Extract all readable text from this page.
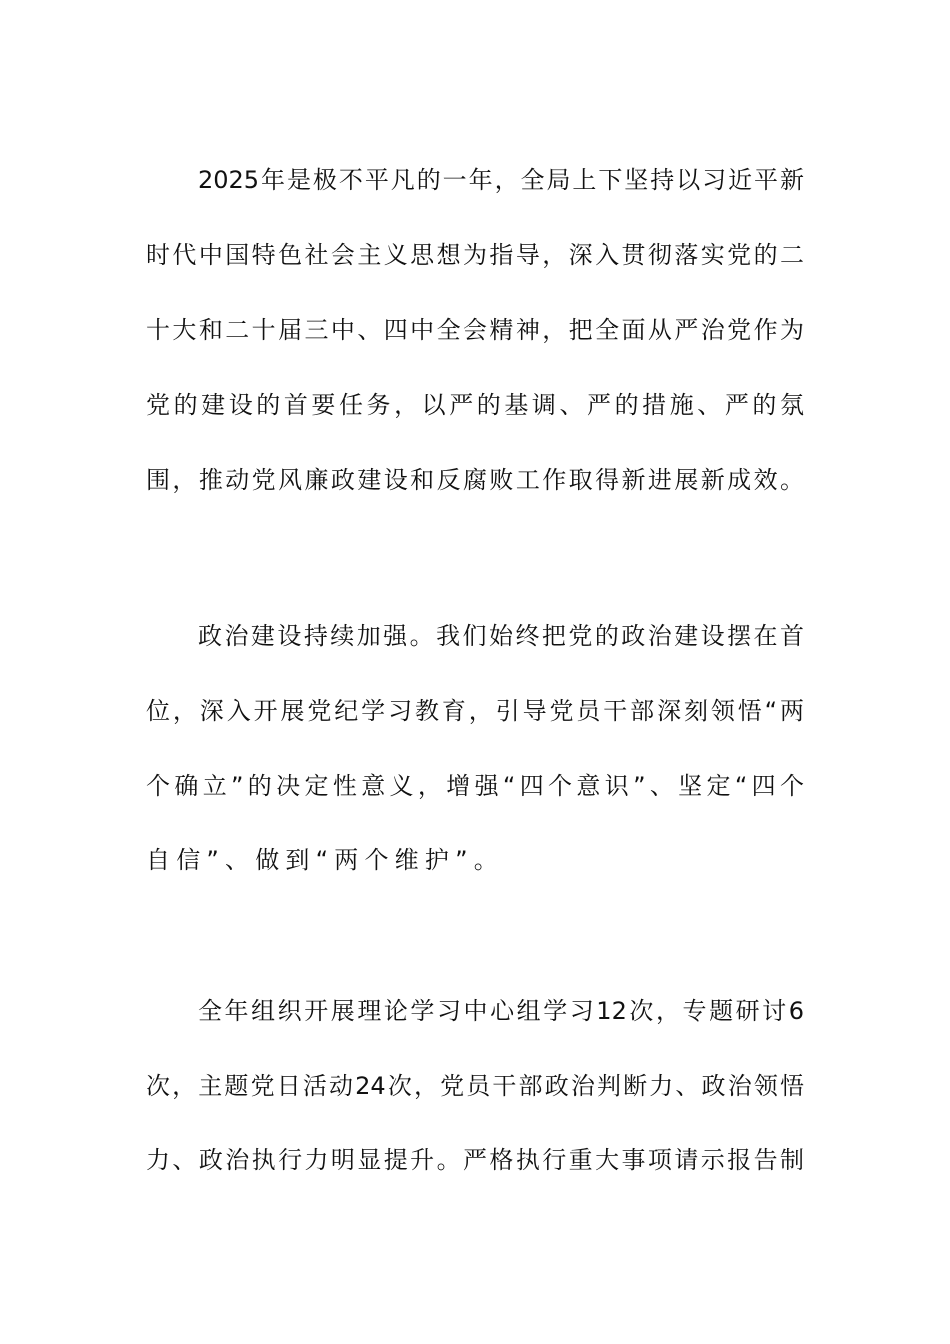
2025年是极不平凡的一年，全局上下坚持以习近平新
时代中国特色社会主义思想为指导，深入贯彻落实党的二
十大和二十届三中、四中全会精神，把全面从严治党作为
党的建设的首要任务，以严的基调、严的措施、严的氛
围，推动党风廉政建设和反腐败工作取得新进展新成效。
政治建设持续加强。我们始终把党的政治建设摆在首
位，深入开展党纪学习教育，引导党员干部深刻领悟“两
个确立”的决定性意义，增强“四个意识”、坚定“四个
自信”、做到“两个维护”。
全年组织开展理论学习中心组学习12次，专题研讨6
次，主题党日活动24次，党员干部政治判断力、政治领悟
力、政治执行力明显提升。严格执行重大事项请示报告制
